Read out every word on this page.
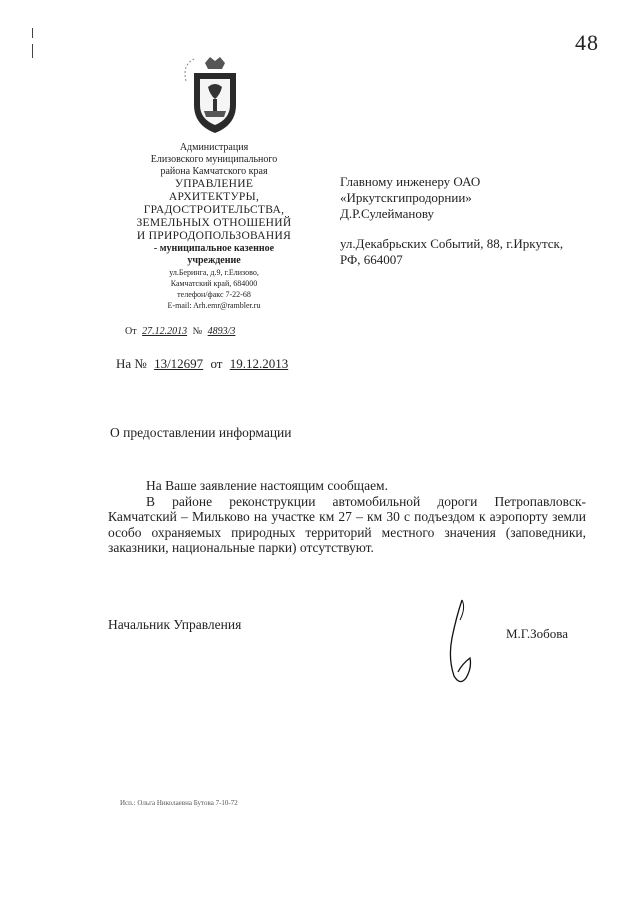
48
Администрация
Елизовского муниципального
района Камчатского края
УПРАВЛЕНИЕ
АРХИТЕКТУРЫ,
ГРАДОСТРОИТЕЛЬСТВА,
ЗЕМЕЛЬНЫХ ОТНОШЕНИЙ
И ПРИРОДОПОЛЬЗОВАНИЯ
- муниципальное казенное
учреждение
ул.Беринга, д.9, г.Елизово,
Камчатский край, 684000
телефон/факс 7-22-68
E-mail: Arh.emr@rambler.ru
От 27.12.2013 № 4893/3
Главному инженеру ОАО
«Иркутскгипродорнии»
Д.Р.Сулейманову
ул.Декабрьских Событий, 88, г.Иркутск,
РФ, 664007
На № 13/12697 от 19.12.2013
О предоставлении информации

На Ваше заявление настоящим сообщаем.

В районе реконструкции автомобильной дороги Петропавловск-Камчатский – Мильково на участке км 27 – км 30 с подъездом к аэропорту земли особо охраняемых природных территорий местного значения (заповедники, заказники, национальные парки) отсутствуют.

Начальник Управления
М.Г.Зобова
Исп.: Ольга Николаевна Бутова 7-10-72
